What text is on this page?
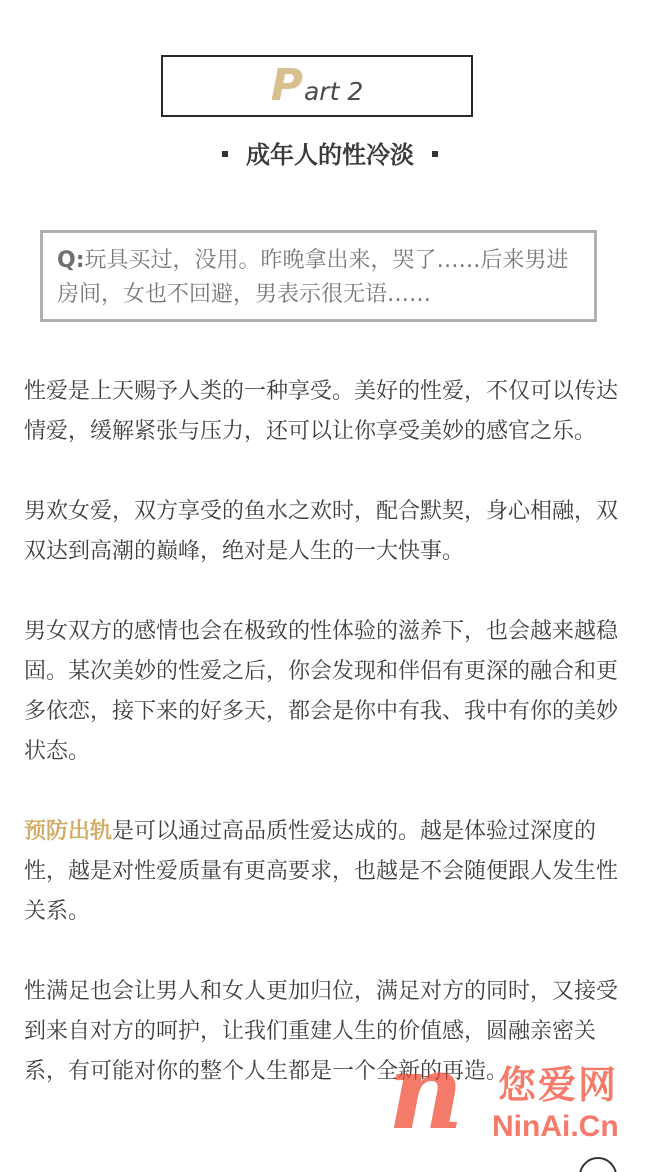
P art 2
成年人的性冷淡
Q:玩具买过，没用。昨晚拿出来，哭了……后来男进房间，女也不回避，男表示很无语……

性爱是上天赐予人类的一种享受。美好的性爱，不仅可以传达情爱，缓解紧张与压力，还可以让你享受美妙的感官之乐。

男欢女爱，双方享受的鱼水之欢时，配合默契，身心相融，双双达到高潮的巅峰，绝对是人生的一大快事。

男女双方的感情也会在极致的性体验的滋养下，也会越来越稳固。某次美妙的性爱之后，你会发现和伴侣有更深的融合和更多依恋，接下来的好多天，都会是你中有我、我中有你的美妙状态。

预防出轨是可以通过高品质性爱达成的。越是体验过深度的性，越是对性爱质量有更高要求，也越是不会随便跟人发生性关系。

性满足也会让男人和女人更加归位，满足对方的同时，又接受到来自对方的呵护，让我们重建人生的价值感，圆融亲密关系，有可能对你的整个人生都是一个全新的再造。

n 您爱网
NinAi.Cn
